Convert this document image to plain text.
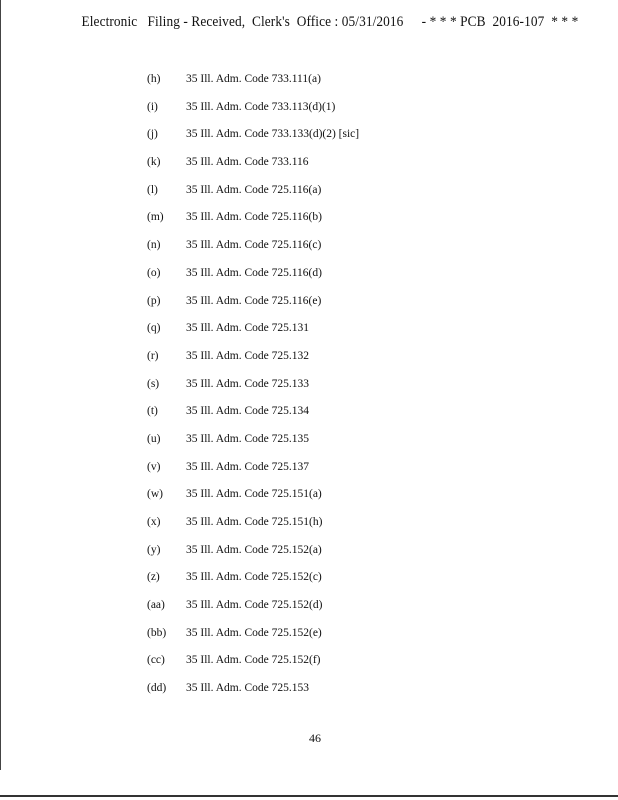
Electronic   Filing - Received,  Clerk's  Office : 05/31/2016 - * * * PCB  2016-107  * * *
(h)	35 Ill. Adm. Code 733.111(a)
(i)	35 Ill. Adm. Code 733.113(d)(1)
(j)	35 Ill. Adm. Code 733.133(d)(2) [sic]
(k)	35 Ill. Adm. Code 733.116
(l)	35 Ill. Adm. Code 725.116(a)
(m)	35 Ill. Adm. Code 725.116(b)
(n)	35 Ill. Adm. Code 725.116(c)
(o)	35 Ill. Adm. Code 725.116(d)
(p)	35 Ill. Adm. Code 725.116(e)
(q)	35 Ill. Adm. Code 725.131
(r)	35 Ill. Adm. Code 725.132
(s)	35 Ill. Adm. Code 725.133
(t)	35 Ill. Adm. Code 725.134
(u)	35 Ill. Adm. Code 725.135
(v)	35 Ill. Adm. Code 725.137
(w)	35 Ill. Adm. Code 725.151(a)
(x)	35 Ill. Adm. Code 725.151(h)
(y)	35 Ill. Adm. Code 725.152(a)
(z)	35 Ill. Adm. Code 725.152(c)
(aa)	35 Ill. Adm. Code 725.152(d)
(bb)	35 Ill. Adm. Code 725.152(e)
(cc)	35 Ill. Adm. Code 725.152(f)
(dd)	35 Ill. Adm. Code 725.153
46
